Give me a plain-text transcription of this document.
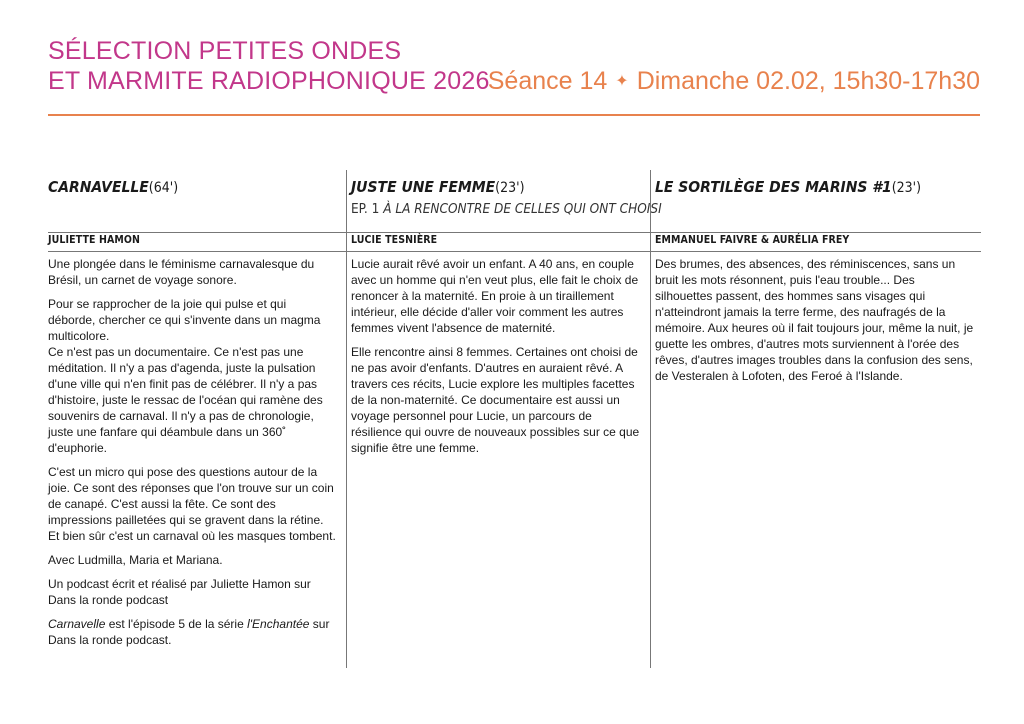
SÉLECTION PETITES ONDES
ET MARMITE RADIOPHONIQUE 2026
Séance 14 ✦ Dimanche 02.02, 15h30-17h30
CARNAVELLE(64')
JULIETTE HAMON

Une plongée dans le féminisme carnavalesque du Brésil, un carnet de voyage sonore.

Pour se rapprocher de la joie qui pulse et qui déborde, chercher ce qui s'invente dans un magma multicolore.

Ce n'est pas un documentaire. Ce n'est pas une méditation. Il n'y a pas d'agenda, juste la pulsation d'une ville qui n'en finit pas de célébrer. Il n'y a pas d'histoire, juste le ressac de l'océan qui ramène des souvenirs de carnaval. Il n'y a pas de chronologie, juste une fanfare qui déambule dans un 360˚ d'euphorie.

C'est un micro qui pose des questions autour de la joie. Ce sont des réponses que l'on trouve sur un coin de canapé. C'est aussi la fête. Ce sont des impressions pailletées qui se gravent dans la rétine. Et bien sûr c'est un carnaval où les masques tombent.

Avec Ludmilla, Maria et Mariana.

Un podcast écrit et réalisé par Juliette Hamon sur Dans la ronde podcast

Carnavelle est l'épisode 5 de la série l'Enchantée sur Dans la ronde podcast.

JUSTE UNE FEMME(23')
EP. 1 À LA RENCONTRE DE CELLES QUI ONT CHOISI
LUCIE TESNIÈRE

Lucie aurait rêvé avoir un enfant. A 40 ans, en couple avec un homme qui n'en veut plus, elle fait le choix de renoncer à la maternité. En proie à un tiraillement intérieur, elle décide d'aller voir comment les autres femmes vivent l'absence de maternité.

Elle rencontre ainsi 8 femmes. Certaines ont choisi de ne pas avoir d'enfants. D'autres en auraient rêvé. A travers ces récits, Lucie explore les multiples facettes de la non-maternité. Ce documentaire est aussi un voyage personnel pour Lucie, un parcours de résilience qui ouvre de nouveaux possibles sur ce que signifie être une femme.

LE SORTILÈGE DES MARINS #1(23')
EMMANUEL FAIVRE & AURÉLIA FREY

Des brumes, des absences, des réminiscences, sans un bruit les mots résonnent, puis l'eau trouble... Des silhouettes passent, des hommes sans visages qui n'atteindront jamais la terre ferme, des naufragés de la mémoire. Aux heures où il fait toujours jour, même la nuit, je guette les ombres, d'autres mots surviennent à l'orée des rêves, d'autres images troubles dans la confusion des sens, de Vesteralen à Lofoten, des Feroé à l'Islande.
